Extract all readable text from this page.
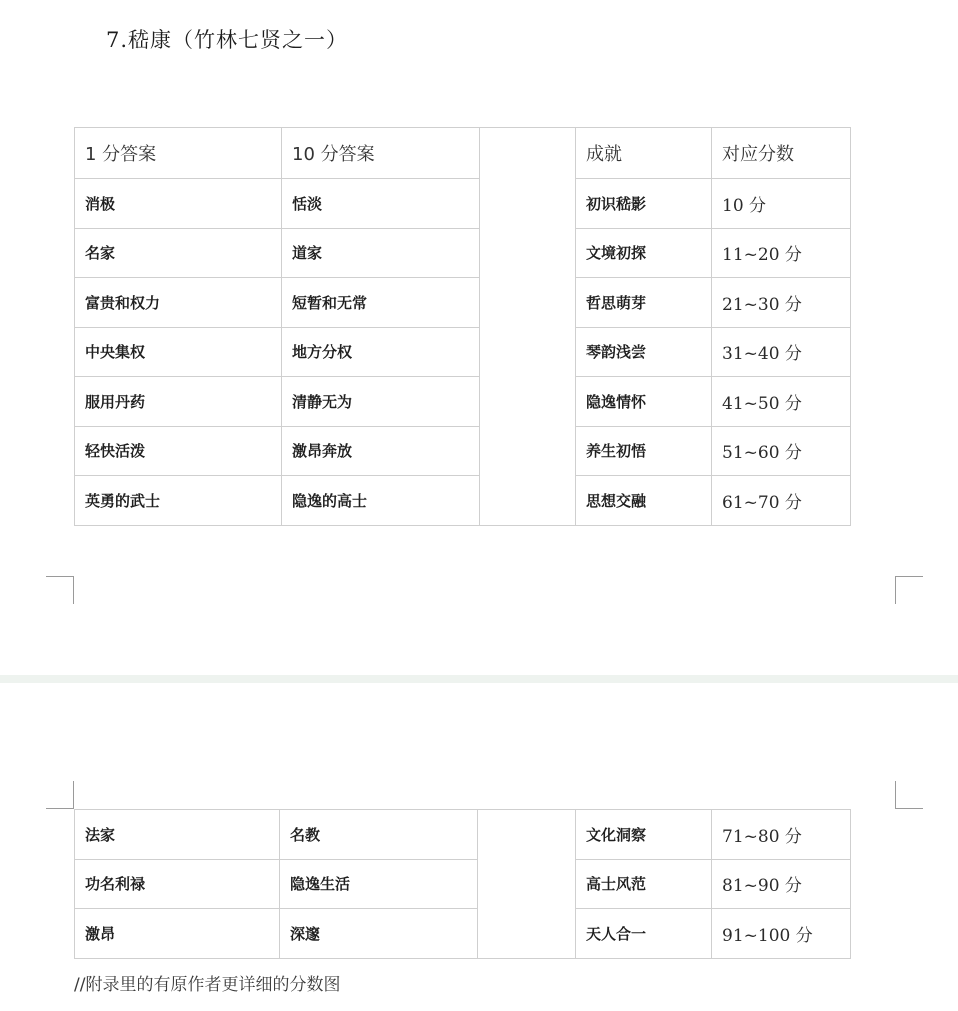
7.嵇康（竹林七贤之一）
1 分答案	10 分答案		成就	对应分数
消极	恬淡		初识嵇影	10 分
名家	道家		文境初探	11~20 分
富贵和权力	短暂和无常		哲思萌芽	21~30 分
中央集权	地方分权		琴韵浅尝	31~40 分
服用丹药	清静无为		隐逸情怀	41~50 分
轻快活泼	激昂奔放		养生初悟	51~60 分
英勇的武士	隐逸的高士		思想交融	61~70 分
法家	名教		文化洞察	71~80 分
功名利禄	隐逸生活		高士风范	81~90 分
激昂	深邃		天人合一	91~100 分
//附录里的有原作者更详细的分数图
